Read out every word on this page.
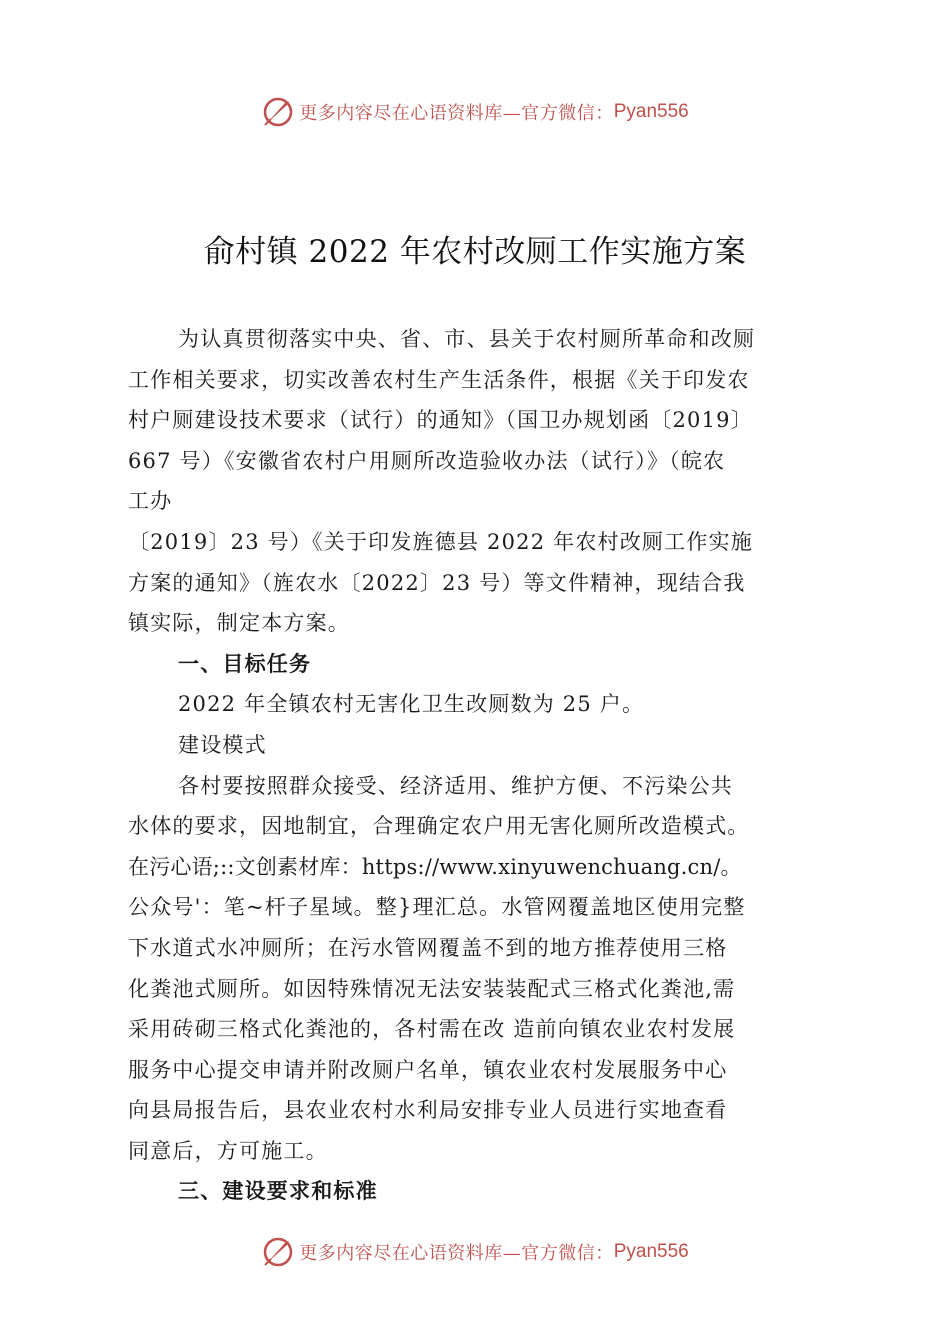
更多内容尽在心语资料库—官方微信： Pyan556
俞村镇 2022 年农村改厕工作实施方案

为认真贯彻落实中央、省、市、县关于农村厕所革命和改厕

工作相关要求，切实改善农村生产生活条件，根据《关于印发农

村户厕建设技术要求（试行）的通知》（国卫办规划函〔2019〕

667 号）《安徽省农村户用厕所改造验收办法（试行）》（皖农

工办

〔2019〕23 号）《关于印发旌德县 2022 年农村改厕工作实施

方案的通知》（旌农水〔2022〕23 号）等文件精神，现结合我

镇实际，制定本方案。

一、目标任务

2022 年全镇农村无害化卫生改厕数为 25 户。

建设模式

各村要按照群众接受、经济适用、维护方便、不污染公共

水体的要求，因地制宜，合理确定农户用无害化厕所改造模式。

在污心语;::文创素材库：https://www.xinyuwenchuang.cn/。

公众号'：笔~杆子星域。整}理汇总。水管网覆盖地区使用完整

下水道式水冲厕所；在污水管网覆盖不到的地方推荐使用三格

化粪池式厕所。如因特殊情况无法安装装配式三格式化粪池,需

采用砖砌三格式化粪池的，各村需在改 造前向镇农业农村发展

服务中心提交申请并附改厕户名单，镇农业农村发展服务中心

向县局报告后，县农业农村水利局安排专业人员进行实地查看

同意后，方可施工。

三、建设要求和标准

更多内容尽在心语资料库—官方微信： Pyan556
